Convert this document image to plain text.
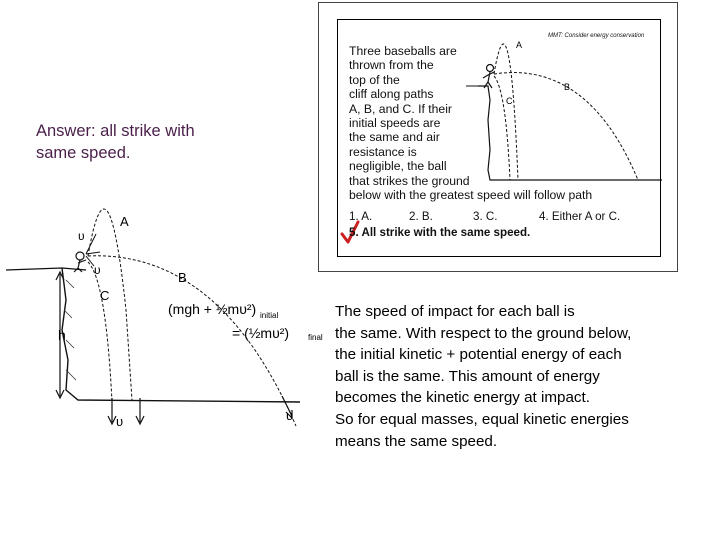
Answer: all strike with
same speed.
MMT: Consider energy conservation
A
B
C
Three baseballs are
thrown from the
top of the
cliff along paths
A, B, and C. If their
initial speeds are
the same and air
resistance is
negligible, the ball
that strikes the ground
below with the greatest speed will follow path
1. A.	2. B.	3. C.	4. Either A or C.
5. All strike with the same speed.
h
A
B
C
υ
υ
υ	υ
(mgh + ½mυ²) initial
= (½mυ²) final
The speed of impact for each ball is
the same. With respect to the ground below,
the initial kinetic + potential energy of each
ball is the same. This amount of energy
becomes the kinetic energy at impact.
So for equal masses, equal kinetic energies
means the same speed.
